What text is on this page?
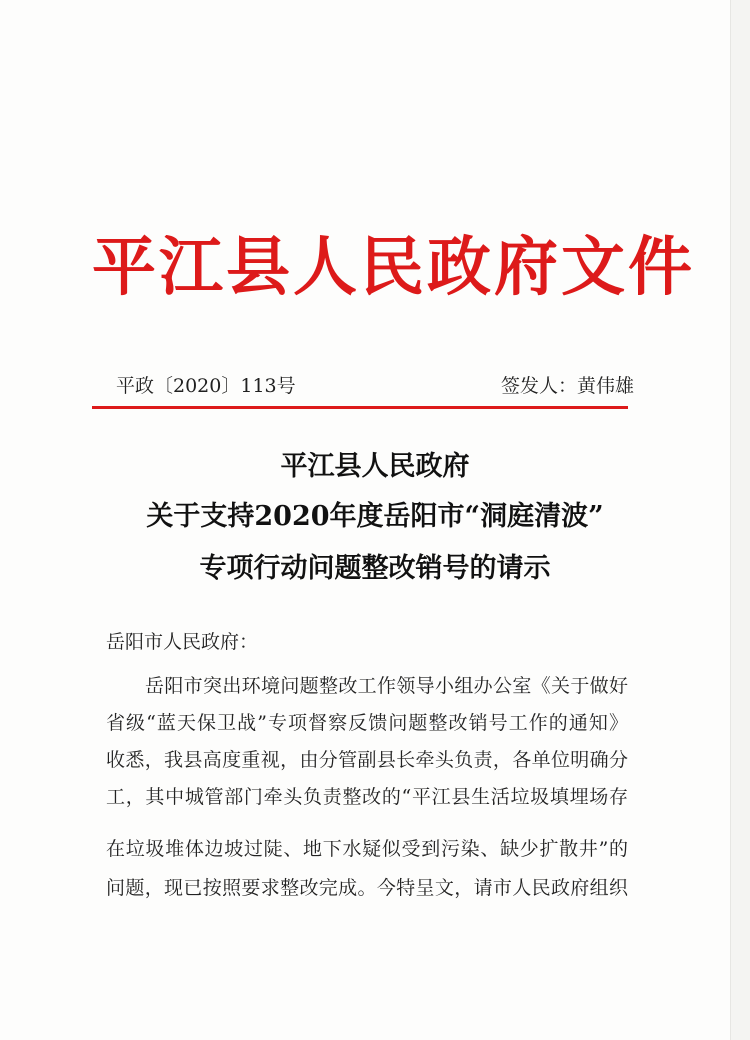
平江县人民政府文件
平政〔2020〕113号	签发人：黄伟雄
平江县人民政府
关于支持2020年度岳阳市“洞庭清波”
专项行动问题整改销号的请示
岳阳市人民政府：
岳阳市突出环境问题整改工作领导小组办公室《关于做好
省级“蓝天保卫战”专项督察反馈问题整改销号工作的通知》
收悉，我县高度重视，由分管副县长牵头负责，各单位明确分
工，其中城管部门牵头负责整改的“平江县生活垃圾填埋场存
在垃圾堆体边坡过陡、地下水疑似受到污染、缺少扩散井”的
问题，现已按照要求整改完成。今特呈文，请市人民政府组织
